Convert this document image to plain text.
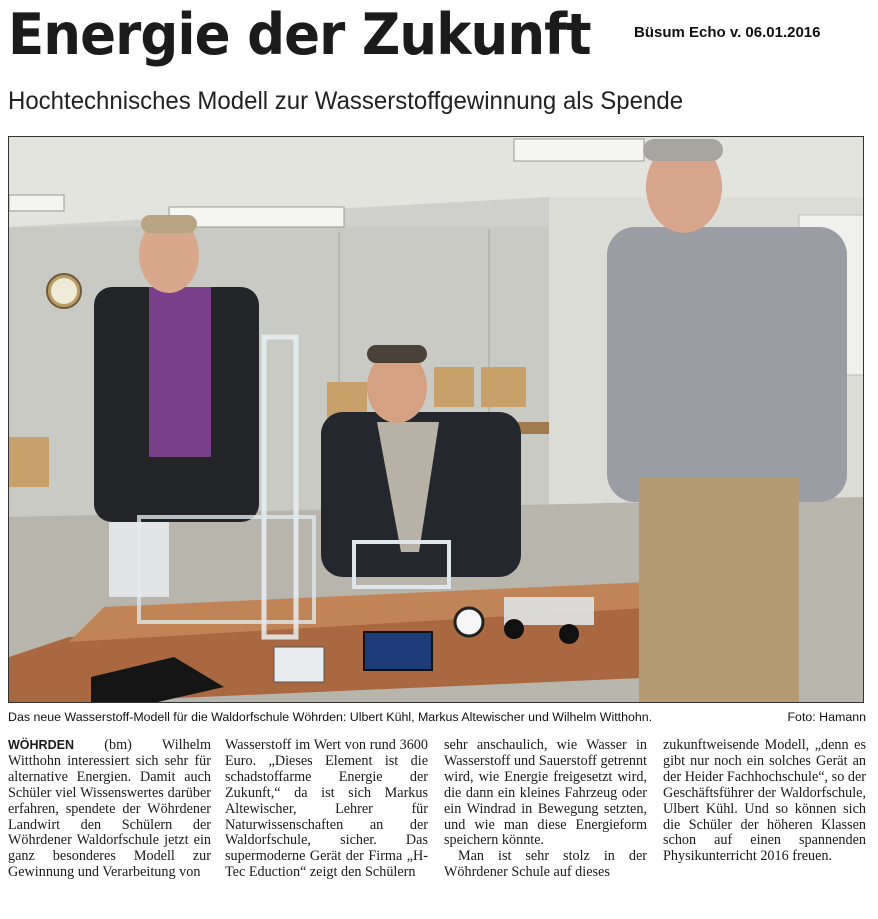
Energie der Zukunft	Büsum Echo v. 06.01.2016
Hochtechnisches Modell zur Wasserstoffgewinnung als Spende
Das neue Wasserstoff-Modell für die Waldorfschule Wöhrden: Ulbert Kühl, Markus Altewischer und Wilhelm Witthohn.	Foto: Hamann

WÖHRDEN (bm) Wilhelm Witthohn interessiert sich sehr für alternative Energien. Damit auch Schüler viel Wissenswertes darüber erfahren, spendete der Wöhrdener Landwirt den Schülern der Wöhrdener Waldorfschule jetzt ein ganz besonderes Modell zur Gewinnung und Verarbeitung von

Wasserstoff im Wert von rund 3600 Euro. „Dieses Element ist die schadstoffarme Energie der Zukunft,“ da ist sich Markus Altewischer, Lehrer für Naturwissenschaften an der Waldorfschule, sicher. Das supermoderne Gerät der Firma „H-Tec Eduction“ zeigt den Schülern

sehr anschaulich, wie Wasser in Wasserstoff und Sauerstoff getrennt wird, wie Energie freigesetzt wird, die dann ein kleines Fahrzeug oder ein Windrad in Bewegung setzten, und wie man diese Energieform speichern könnte.

Man ist sehr stolz in der Wöhrdener Schule auf dieses

zukunftweisende Modell, „denn es gibt nur noch ein solches Gerät an der Heider Fachhochschule“, so der Geschäftsführer der Waldorfschule, Ulbert Kühl. Und so können sich die Schüler der höheren Klassen schon auf einen spannenden Physikunterricht 2016 freuen.
